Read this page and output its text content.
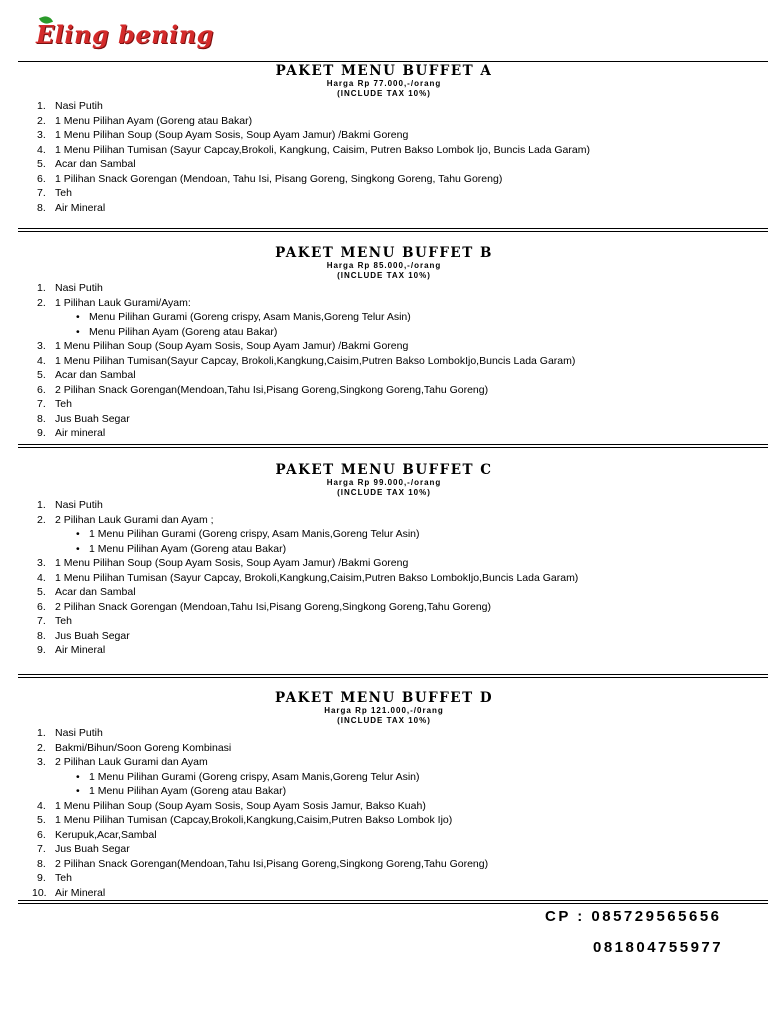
Eling bening
PAKET MENU BUFFET A
Harga Rp 77.000,-/orang
(INCLUDE TAX 10%)
1. Nasi Putih
2. 1 Menu Pilihan Ayam (Goreng atau Bakar)
3. 1 Menu Pilihan Soup (Soup Ayam Sosis, Soup Ayam Jamur) /Bakmi Goreng
4. 1 Menu Pilihan Tumisan (Sayur Capcay,Brokoli, Kangkung, Caisim, Putren Bakso Lombok Ijo, Buncis Lada Garam)
5. Acar dan Sambal
6. 1 Pilihan Snack Gorengan (Mendoan, Tahu Isi, Pisang Goreng, Singkong Goreng, Tahu Goreng)
7. Teh
8. Air Mineral
PAKET MENU BUFFET B
Harga Rp 85.000,-/orang
(INCLUDE TAX 10%)
1. Nasi Putih
2. 1 Pilihan Lauk Gurami/Ayam:
• Menu Pilihan Gurami (Goreng crispy, Asam Manis,Goreng Telur Asin)
• Menu Pilihan Ayam (Goreng atau Bakar)
3. 1 Menu Pilihan Soup (Soup Ayam Sosis, Soup Ayam Jamur) /Bakmi Goreng
4. 1 Menu Pilihan Tumisan(Sayur Capcay, Brokoli,Kangkung,Caisim,Putren Bakso LombokIjo,Buncis Lada Garam)
5. Acar dan Sambal
6. 2 Pilihan Snack Gorengan(Mendoan,Tahu Isi,Pisang Goreng,Singkong Goreng,Tahu Goreng)
7. Teh
8. Jus Buah Segar
9. Air mineral
PAKET MENU BUFFET C
Harga Rp 99.000,-/orang
(INCLUDE TAX 10%)
1. Nasi Putih
2. 2 Pilihan Lauk Gurami dan Ayam ;
• 1 Menu Pilihan Gurami (Goreng crispy, Asam Manis,Goreng Telur Asin)
• 1 Menu Pilihan Ayam (Goreng atau Bakar)
3. 1 Menu Pilihan Soup (Soup Ayam Sosis, Soup Ayam Jamur) /Bakmi Goreng
4. 1 Menu Pilihan Tumisan (Sayur Capcay, Brokoli,Kangkung,Caisim,Putren Bakso LombokIjo,Buncis Lada Garam)
5. Acar dan Sambal
6. 2 Pilihan Snack Gorengan (Mendoan,Tahu Isi,Pisang Goreng,Singkong Goreng,Tahu Goreng)
7. Teh
8. Jus Buah Segar
9. Air Mineral
PAKET MENU BUFFET D
Harga Rp 121.000,-/0rang
(INCLUDE TAX 10%)
1. Nasi Putih
2. Bakmi/Bihun/Soon Goreng Kombinasi
3. 2 Pilihan Lauk Gurami dan Ayam
• 1 Menu Pilihan Gurami (Goreng crispy, Asam Manis,Goreng Telur Asin)
• 1 Menu Pilihan Ayam (Goreng atau Bakar)
4. 1 Menu Pilihan Soup (Soup Ayam Sosis, Soup Ayam Sosis Jamur, Bakso Kuah)
5. 1 Menu Pilihan Tumisan (Capcay,Brokoli,Kangkung,Caisim,Putren Bakso Lombok Ijo)
6. Kerupuk,Acar,Sambal
7. Jus Buah Segar
8. 2 Pilihan Snack Gorengan(Mendoan,Tahu Isi,Pisang Goreng,Singkong Goreng,Tahu Goreng)
9. Teh
10. Air Mineral
CP : 085729565656
081804755977
